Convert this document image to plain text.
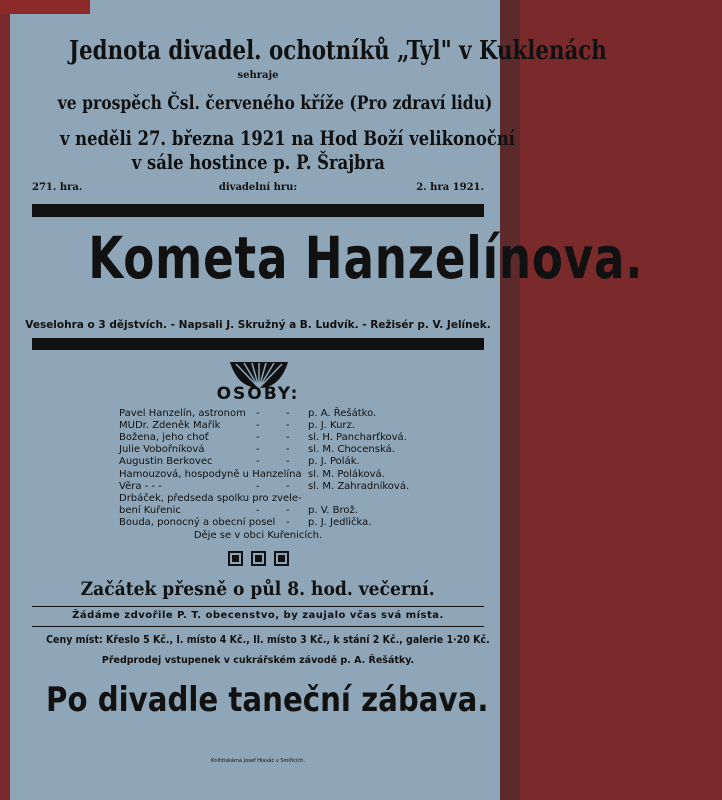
Jednota divadel. ochotníků „Tyl" v Kuklenách
sehraje
ve prospěch Čsl. červeného kříže (Pro zdraví lidu)
v neděli 27. března 1921 na Hod Boží velikonoční
v sále hostince p. P. Šrajbra
271. hra.	divadelní hru:	2. hra 1921.
Kometa Hanzelínova.
Veselohra o 3 dějstvích. - Napsali J. Skružný a B. Ludvík. - Režisér p. V. Jelínek.
OSOBY:
Pavel Hanzelín, astronom -	- p. A. Řešátko.
MUDr. Zdeněk Mařík	-	- p. J. Kurz.
Božena, jeho choť	-	- sl. H. Pancharťková.
Julie Vobořníková	-	- sl. M. Chocenská.
Augustin Berkovec	-	- p. J. Polák.
Hamouzová, hospodyně u Hanzelína sl. M. Poláková.
Věra - - -	-	- sl. M. Zahradníková.
Drbáček, předseda spolku pro zvele-
bení Kuřenic	-	- p. V. Brož.
Bouda, ponocný a obecní posel - p. J. Jedlička.
Děje se v obci Kuřenicích.
Začátek přesně o půl 8. hod. večerní.
Žádáme zdvořile P. T. obecenstvo, by zaujalo včas svá místa.
Ceny míst: Křeslo 5 Kč., I. místo 4 Kč., II. místo 3 Kč., k stání 2 Kč., galerie 1·20 Kč.
Předprodej vstupenek v cukrářském závodě p. A. Řešátky.
Po divadle taneční zábava.
Knihtiskárna Josef Hlaváč v Smiřicích.
